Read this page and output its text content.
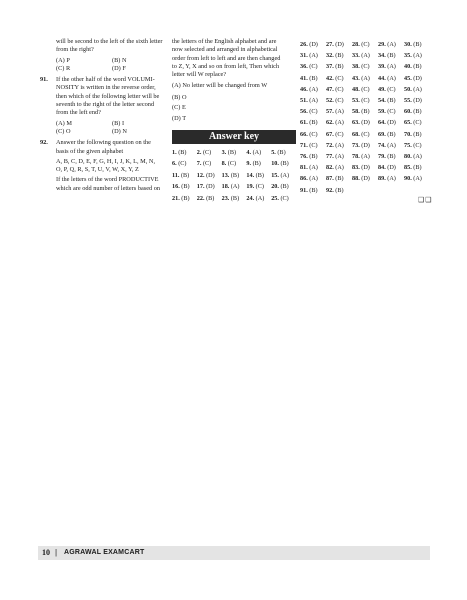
will be second to the left of the sixth letter
from the right?
(A) P	(B) N
(C) R	(D) F
91.	If the other half of the word VOLUMI-
NOSITY is written in the reverse order,
then which of the following letter will be
seventh to the right of the letter second
from the left end?
(A) M	(B) I
(C) O	(D) N
92.	Answer the following question on the
basis of the given alphabet
A, B, C, D, E, F, G, H, I, J, K, L, M, N,
O, P, Q, R, S, T, U, V, W, X, Y, Z
If the letters of the word PRODUCTIVE
which are odd number of letters based on
the letters of the English alphabet and are
now selected and arranged in alphabetical
order from left to left and are then changed
to Z, Y, X and so on from left, Then which
letter will W replace?
(A) No letter will be changed from W
(B) O
(C) E
(D) T
Answer key
1. (B)	2. (C)	3. (B)	4. (A)	5. (B)
6. (C)	7. (C)	8. (C)	9. (B)	10. (B)
11. (B)	12. (D)	13. (B)	14. (B)	15. (A)
16. (B)	17. (D)	18. (A)	19. (C)	20. (B)
21. (B)	22. (B)	23. (B)	24. (A)	25. (C)
26. (D)	27. (D)	28. (C)	29. (A)	30. (B)
31. (A)	32. (B)	33. (A)	34. (B)	35. (A)
36. (C)	37. (B)	38. (C)	39. (A)	40. (B)
41. (B)	42. (C)	43. (A)	44. (A)	45. (D)
46. (A)	47. (C)	48. (C)	49. (C)	50. (A)
51. (A)	52. (C)	53. (C)	54. (B)	55. (D)
56. (C)	57. (A)	58. (B)	59. (C)	60. (B)
61. (B)	62. (A)	63. (D)	64. (D)	65. (C)
66. (C)	67. (C)	68. (C)	69. (B)	70. (B)
71. (C)	72. (A)	73. (D)	74. (A)	75. (C)
76. (B)	77. (A)	78. (A)	79. (B)	80. (A)
81. (A)	82. (A)	83. (D)	84. (D)	85. (B)
86. (A)	87. (B)	88. (D)	89. (A)	90. (A)
91. (B)	92. (B)
❑❑
10 | AGRAWAL EXAMCART
